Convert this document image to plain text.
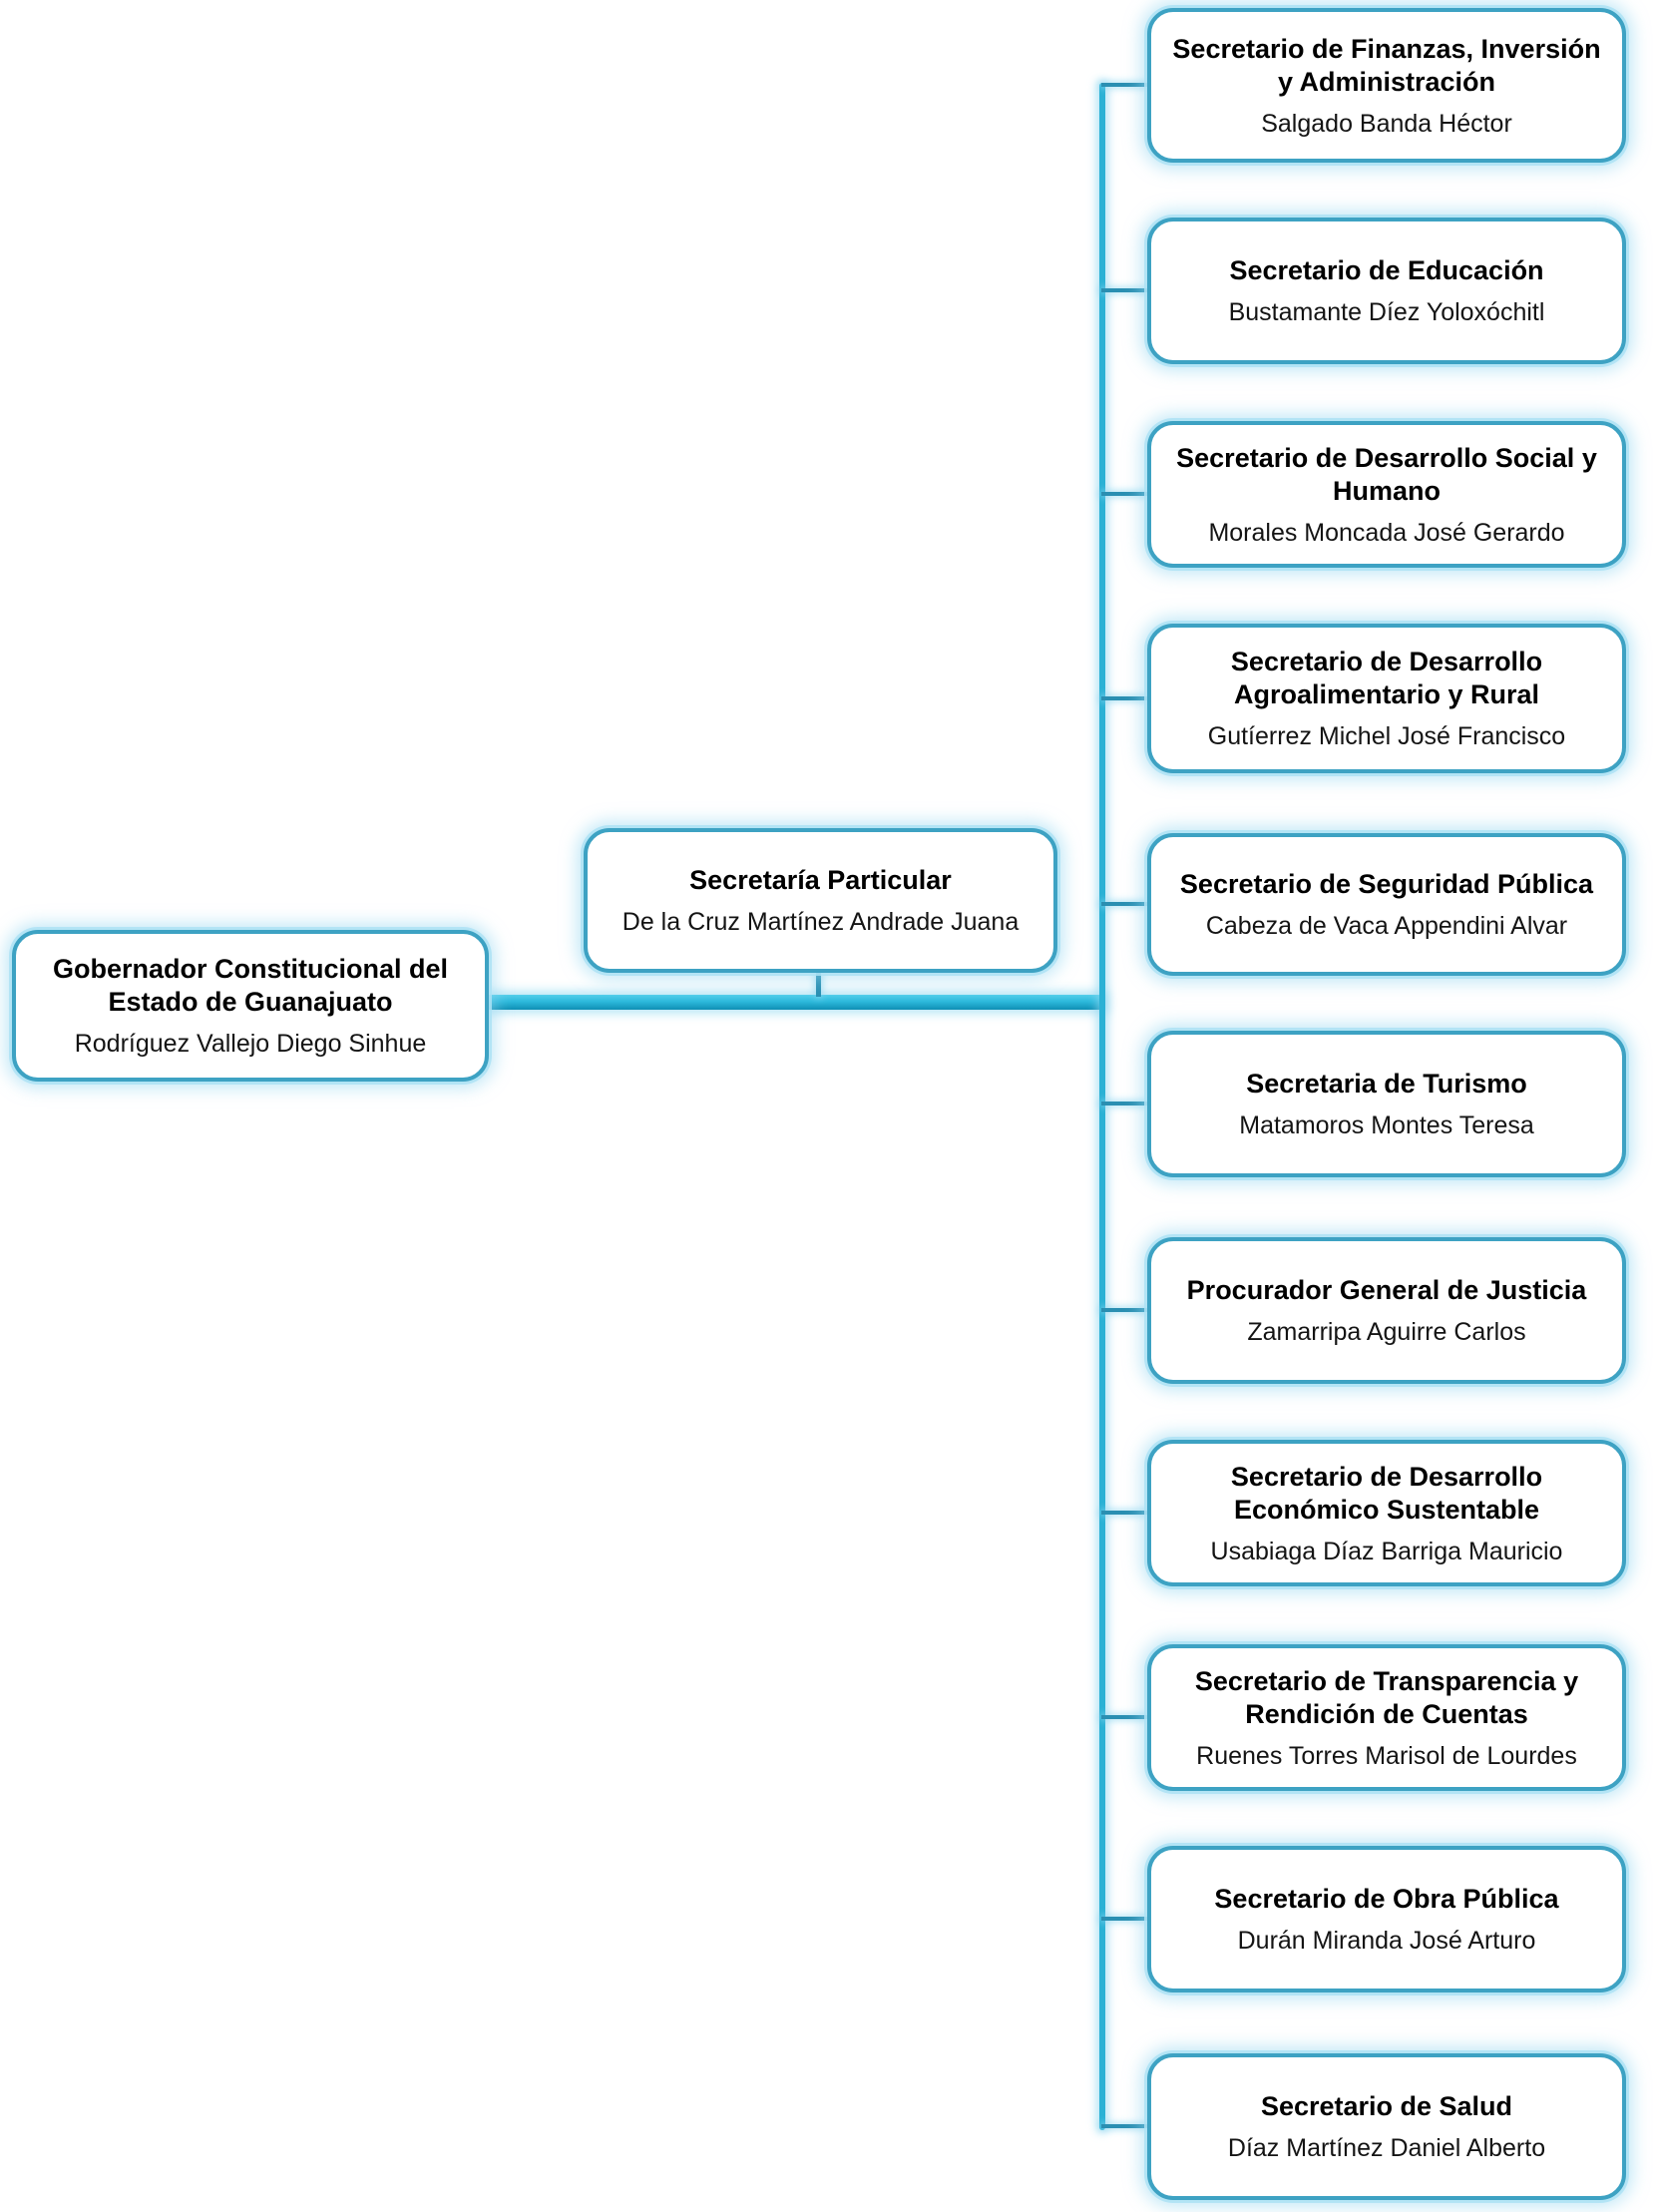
Gobernador Constitucional del Estado de Guanajuato
Rodríguez Vallejo Diego Sinhue
Secretaría Particular
De la Cruz Martínez Andrade Juana
Secretario de Finanzas, Inversión y Administración
Salgado Banda Héctor
Secretario de Educación
Bustamante Díez Yoloxóchitl
Secretario de Desarrollo Social y Humano
Morales Moncada José Gerardo
Secretario de Desarrollo Agroalimentario y Rural
Gutíerrez Michel José Francisco
Secretario de Seguridad Pública
Cabeza de Vaca Appendini Alvar
Secretaria de Turismo
Matamoros Montes Teresa
Procurador General de Justicia
Zamarripa Aguirre Carlos
Secretario de Desarrollo Económico Sustentable
Usabiaga Díaz Barriga Mauricio
Secretario de Transparencia y Rendición de Cuentas
Ruenes Torres Marisol de Lourdes
Secretario de Obra Pública
Durán Miranda José Arturo
Secretario de Salud
Díaz Martínez Daniel Alberto
